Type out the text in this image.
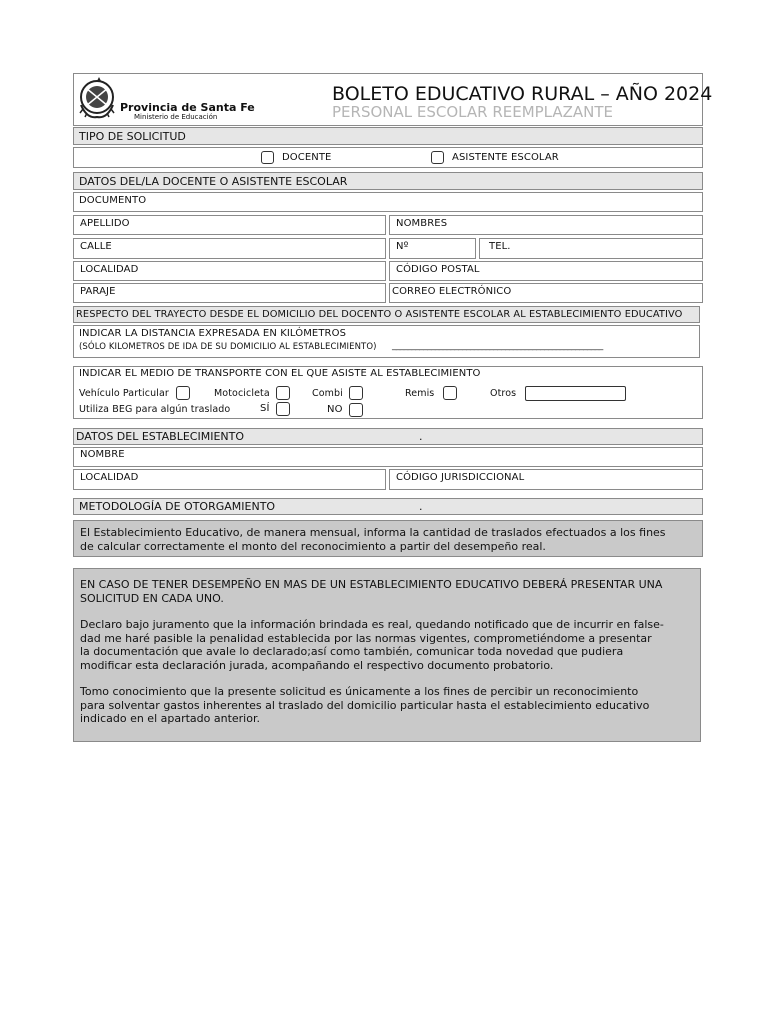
Provincia de Santa Fe
Ministerio de Educación
BOLETO EDUCATIVO RURAL – AÑO 2024
PERSONAL ESCOLAR REEMPLAZANTE
TIPO DE SOLICITUD
DOCENTE	ASISTENTE ESCOLAR
DATOS DEL/LA DOCENTE O ASISTENTE ESCOLAR
DOCUMENTO
APELLIDO	NOMBRES
CALLE	Nº	TEL.
LOCALIDAD	CÓDIGO POSTAL
PARAJE	CORREO ELECTRÓNICO
RESPECTO DEL TRAYECTO DESDE EL DOMICILIO DEL DOCENTO O ASISTENTE ESCOLAR AL ESTABLECIMIENTO EDUCATIVO
INDICAR LA DISTANCIA EXPRESADA EN KILÓMETROS
(SÓLO KILOMETROS DE IDA DE SU DOMICILIO AL ESTABLECIMIENTO) ______________________________________________________
INDICAR EL MEDIO DE TRANSPORTE CON EL QUE ASISTE AL ESTABLECIMIENTO
Vehículo Particular	Motocicleta	Combi	Remis	Otros
Utiliza BEG para algún traslado	SÍ	NO
DATOS DEL ESTABLECIMIENTO	.
NOMBRE
LOCALIDAD	CÓDIGO JURISDICCIONAL
METODOLOGÍA DE OTORGAMIENTO	.
El Establecimiento Educativo, de manera mensual, informa la cantidad de traslados efectuados a los fines
de calcular correctamente el monto del reconocimiento a partir del desempeño real.
EN CASO DE TENER DESEMPEÑO EN MAS DE UN ESTABLECIMIENTO EDUCATIVO DEBERÁ PRESENTAR UNA
SOLICITUD EN CADA UNO.
Declaro bajo juramento que la información brindada es real, quedando notificado que de incurrir en false-
dad me haré pasible la penalidad establecida por las normas vigentes, comprometiéndome a presentar
la documentación que avale lo declarado;así como también, comunicar toda novedad que pudiera
modificar esta declaración jurada, acompañando el respectivo documento probatorio.
Tomo conocimiento que la presente solicitud es únicamente a los fines de percibir un reconocimiento
para solventar gastos inherentes al traslado del domicilio particular hasta el establecimiento educativo
indicado en el apartado anterior.
